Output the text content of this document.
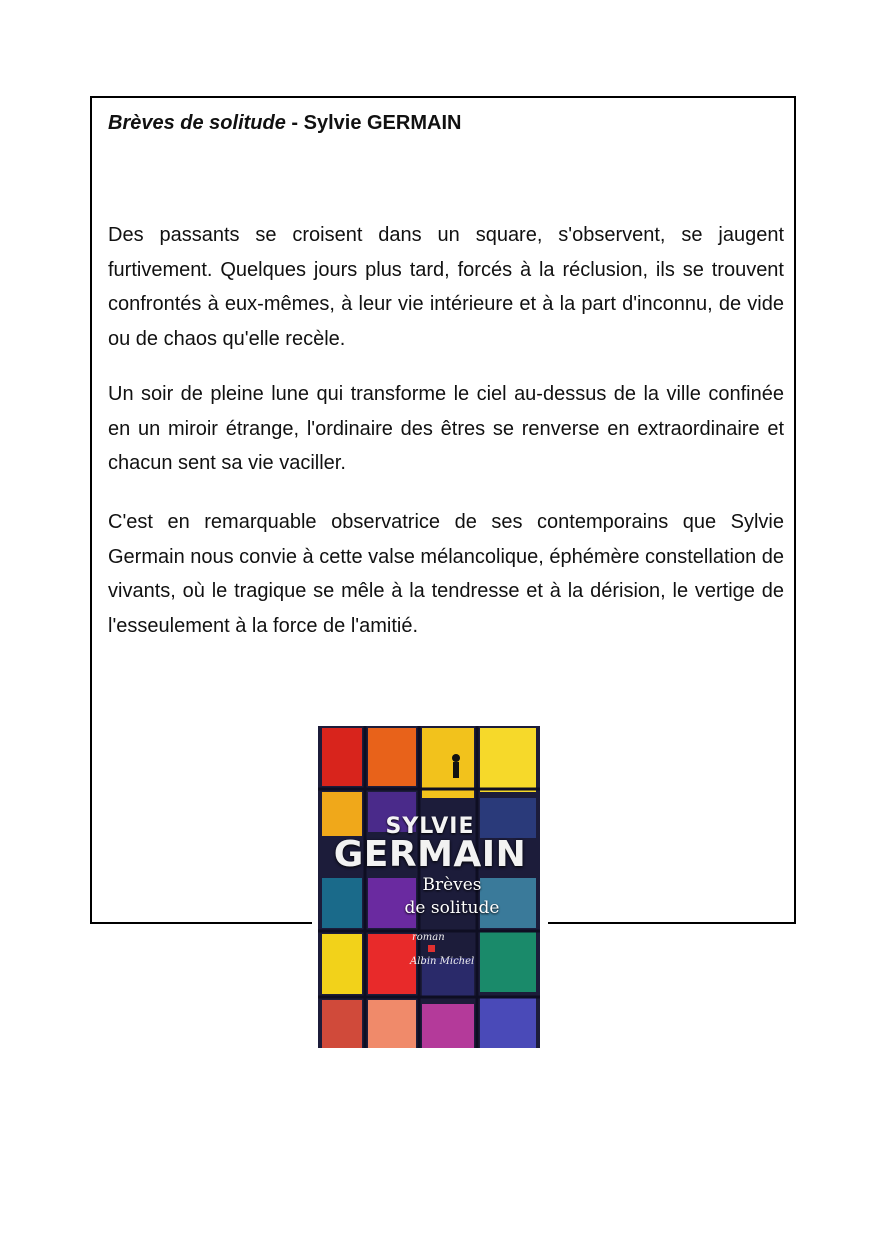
Brèves de solitude - Sylvie GERMAIN

Des passants se croisent dans un square, s'observent, se jaugent furtivement. Quelques jours plus tard, forcés à la réclusion, ils se trouvent confrontés à eux-mêmes, à leur vie intérieure et à la part d'inconnu, de vide ou de chaos qu'elle recèle.

Un soir de pleine lune qui transforme le ciel au-dessus de la ville confinée en un miroir étrange, l'ordinaire des êtres se renverse en extraordinaire et chacun sent sa vie vaciller.

C'est en remarquable observatrice de ses contemporains que Sylvie Germain nous convie à cette valse mélancolique, éphémère constellation de vivants, où le tragique se mêle à la tendresse et à la dérision, le vertige de l'esseulement à la force de l'amitié.

SYLVIE
GERMAIN
Brèves
de solitude
roman
Albin Michel
